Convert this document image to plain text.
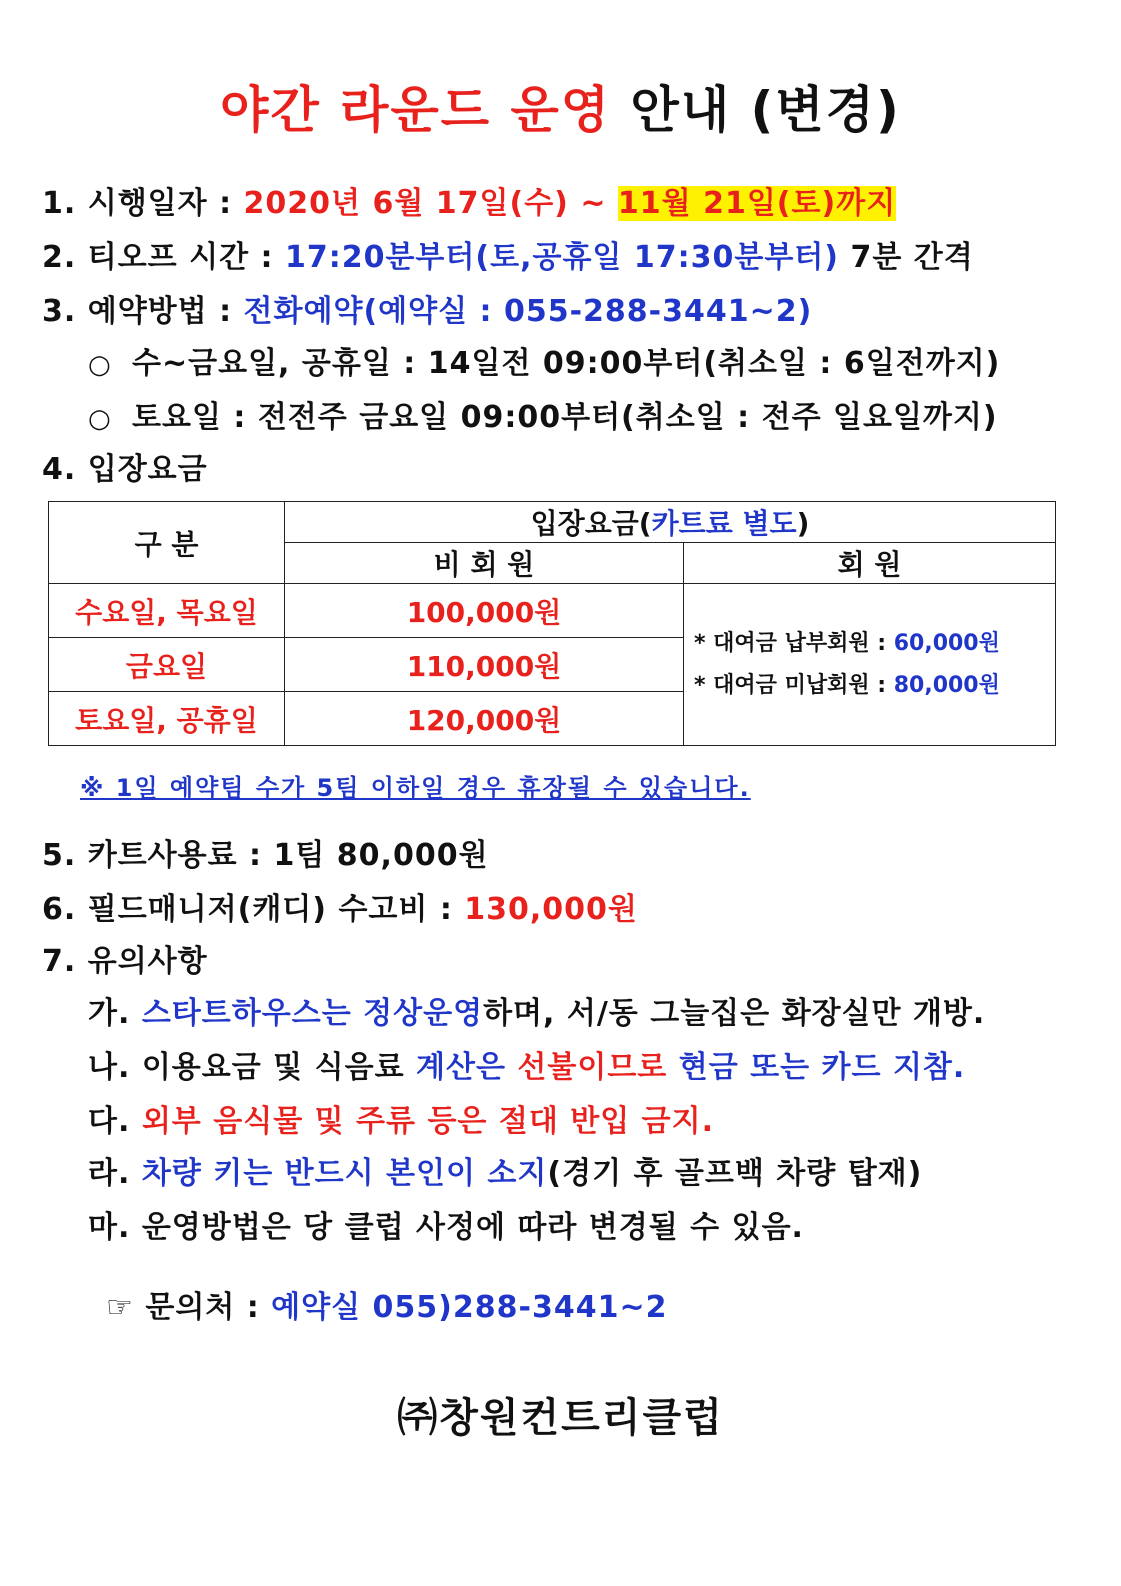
야간 라운드 운영 안내 (변경)
1. 시행일자 : 2020년 6월 17일(수) ~ 11월 21일(토)까지
2. 티오프 시간 : 17:20분부터(토,공휴일 17:30분부터) 7분 간격
3. 예약방법 : 전화예약(예약실 : 055-288-3441~2)
○ 수~금요일, 공휴일 : 14일전 09:00부터(취소일 : 6일전까지)
○ 토요일 : 전전주 금요일 09:00부터(취소일 : 전주 일요일까지)
4. 입장요금
구 분	입장요금(카트료 별도)	
	비 회 원	회 원
수요일, 목요일	100,000원	* 대여금 납부회원 : 60,000원
* 대여금 미납회원 : 80,000원

금요일	110,000원	
토요일, 공휴일	120,000원	
※ 1일 예약팀 수가 5팀 이하일 경우 휴장될 수 있습니다.
5. 카트사용료 : 1팀 80,000원
6. 필드매니저(캐디) 수고비 : 130,000원
7. 유의사항
가. 스타트하우스는 정상운영하며, 서/동 그늘집은 화장실만 개방.
나. 이용요금 및 식음료 계산은 선불이므로 현금 또는 카드 지참.
다. 외부 음식물 및 주류 등은 절대 반입 금지.
라. 차량 키는 반드시 본인이 소지(경기 후 골프백 차량 탑재)
마. 운영방법은 당 클럽 사정에 따라 변경될 수 있음.
☞ 문의처 : 예약실 055)288-3441~2
㈜창원컨트리클럽
